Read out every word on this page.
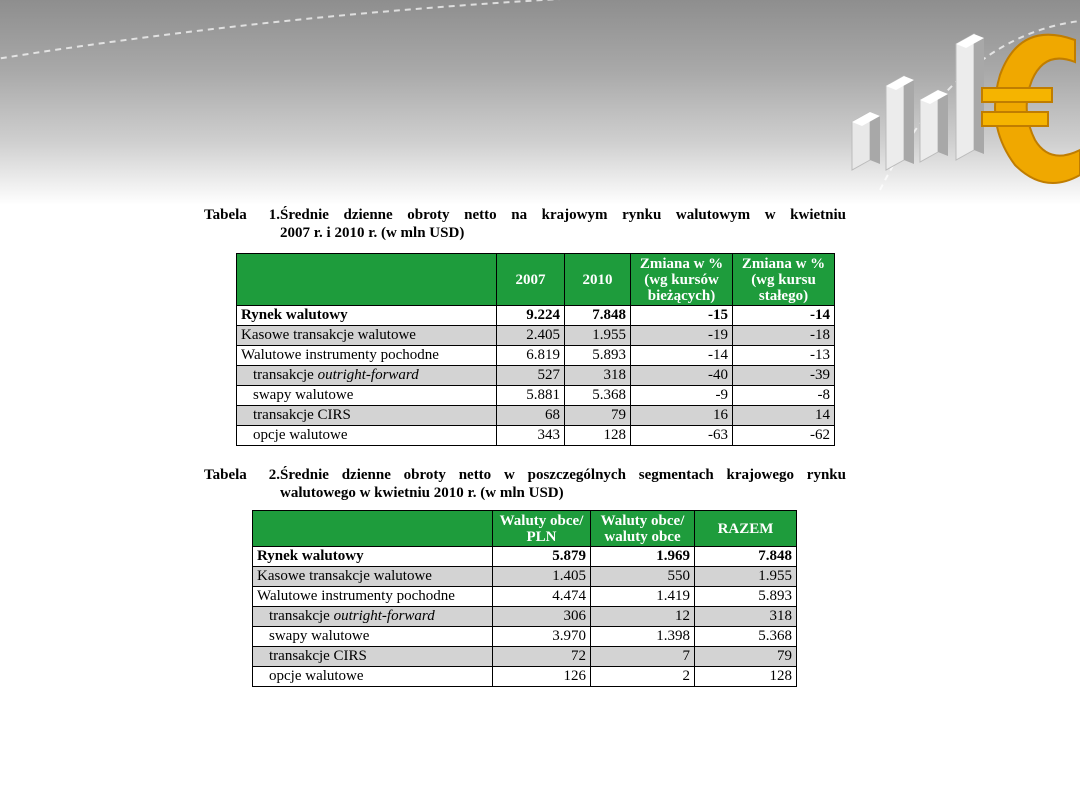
Tabela 1.Średnie dzienne obroty netto na krajowym rynku walutowym w kwietniu
2007 r. i 2010 r. (w mln USD)
	2007	2010	Zmiana w % (wg kursów bieżących)	Zmiana w % (wg kursu stałego)
Rynek walutowy	9.224	7.848	-15	-14
Kasowe transakcje walutowe	2.405	1.955	-19	-18
Walutowe instrumenty pochodne	6.819	5.893	-14	-13
transakcje outright-forward	527	318	-40	-39
swapy walutowe	5.881	5.368	-9	-8
transakcje CIRS	68	79	16	14
opcje walutowe	343	128	-63	-62
Tabela 2.Średnie dzienne obroty netto w poszczególnych segmentach krajowego rynku
walutowego w kwietniu 2010 r. (w mln USD)
	Waluty obce/ PLN	Waluty obce/ waluty obce	RAZEM
Rynek walutowy	5.879	1.969	7.848
Kasowe transakcje walutowe	1.405	550	1.955
Walutowe instrumenty pochodne	4.474	1.419	5.893
transakcje outright-forward	306	12	318
swapy walutowe	3.970	1.398	5.368
transakcje CIRS	72	7	79
opcje walutowe	126	2	128
